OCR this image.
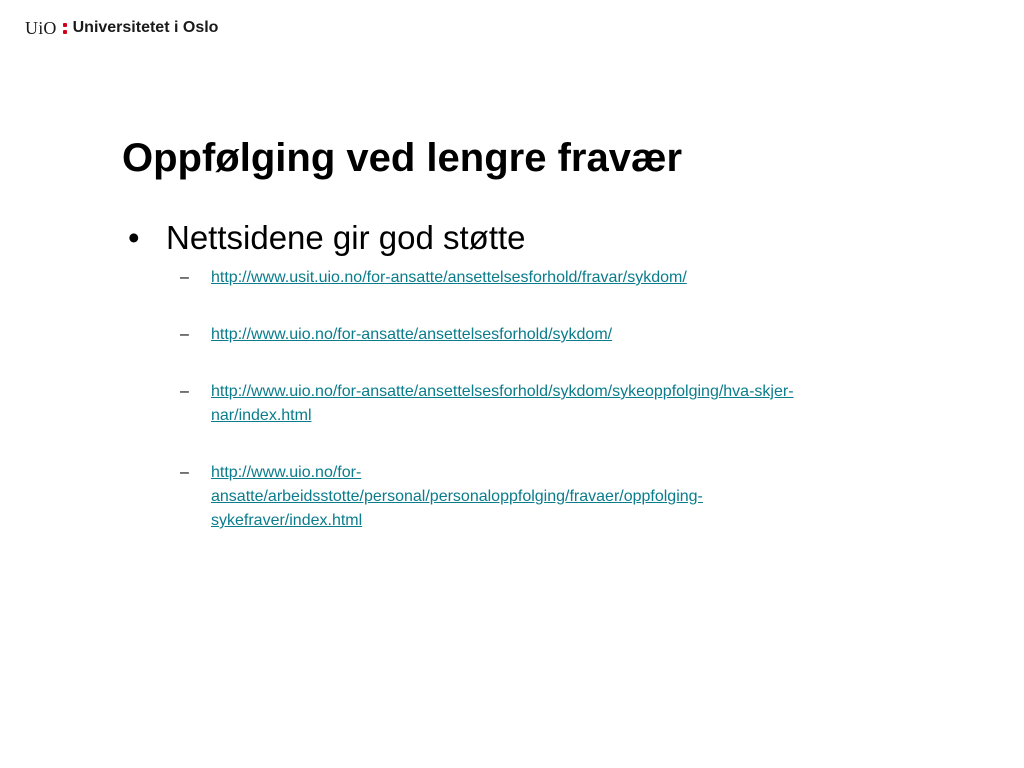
UiO Universitetet i Oslo
Oppfølging ved lengre fravær
• Nettsidene gir god støtte
–	http://www.usit.uio.no/for-ansatte/ansettelsesforhold/fravar/sykdom/
–	http://www.uio.no/for-ansatte/ansettelsesforhold/sykdom/
–	http://www.uio.no/for-ansatte/ansettelsesforhold/sykdom/sykeoppfolging/hva-skjer-
nar/index.html
–	http://www.uio.no/for-
ansatte/arbeidsstotte/personal/personaloppfolging/fravaer/oppfolging-
sykefraver/index.html
